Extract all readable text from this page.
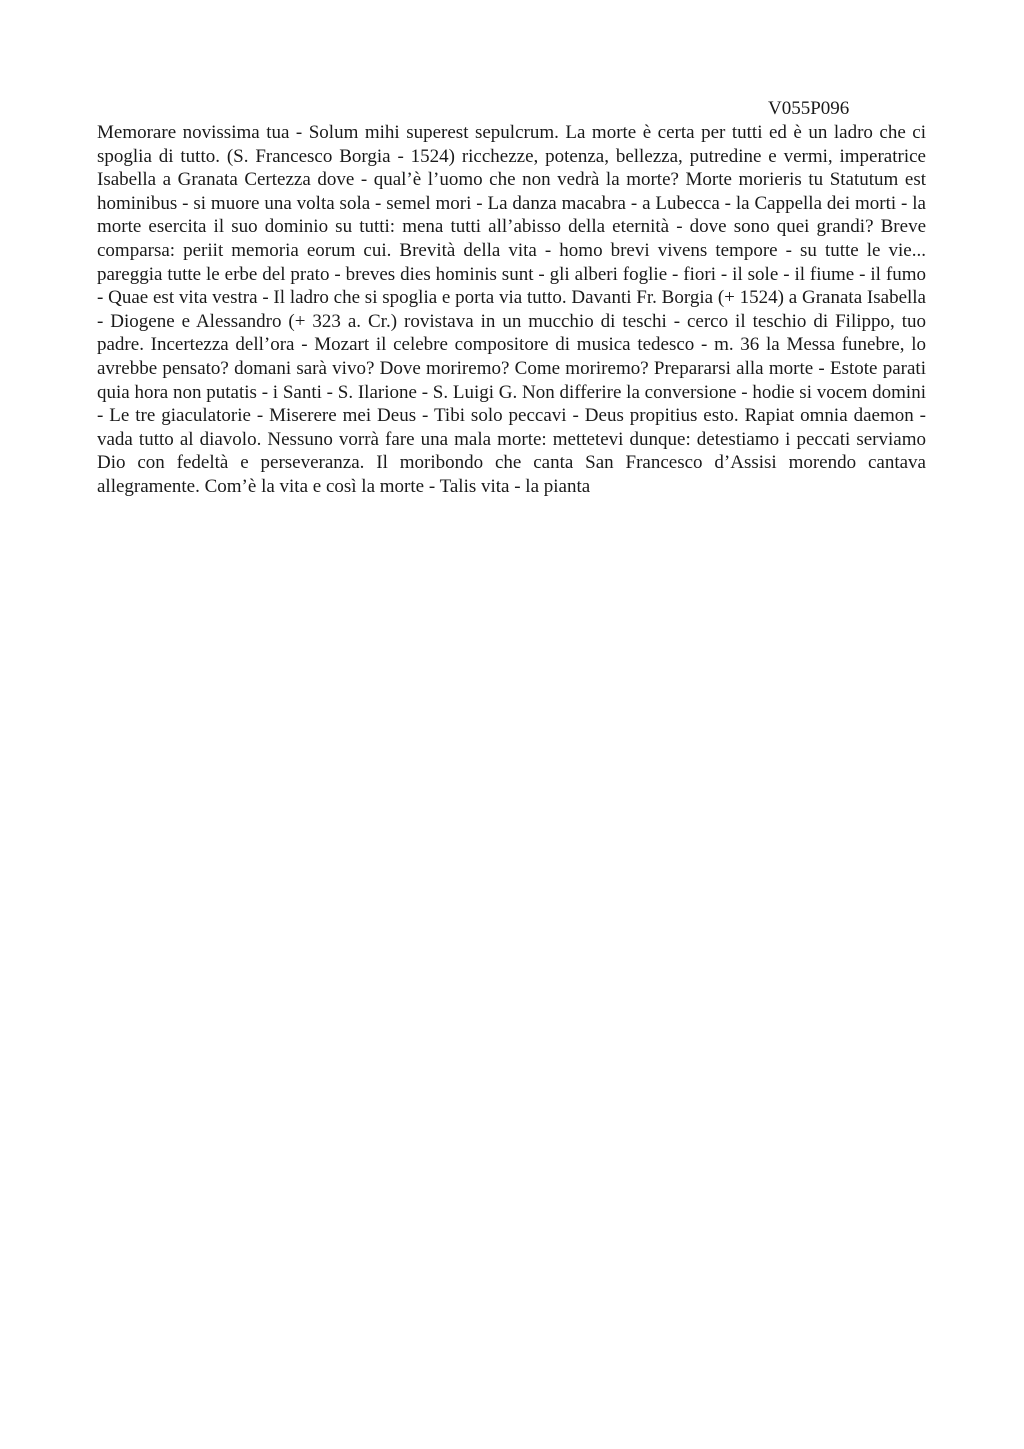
V055P096

Memorare novissima tua - Solum mihi superest sepulcrum. La morte è certa per tutti ed è un ladro che ci spoglia di tutto. (S. Francesco Borgia - 1524) ricchezze, potenza, bellezza, putredine e vermi, imperatrice Isabella a Granata Certezza dove - qual’è l’uomo che non vedrà la morte? Morte morieris tu Statutum est hominibus - si muore una volta sola - semel mori - La danza macabra - a Lubecca - la Cappella dei morti - la morte esercita il suo dominio su tutti: mena tutti all’abisso della eternità - dove sono quei grandi? Breve comparsa: periit memoria eorum cui. Brevità della vita - homo brevi vivens tempore - su tutte le vie... pareggia tutte le erbe del prato - breves dies hominis sunt - gli alberi foglie - fiori - il sole - il fiume - il fumo - Quae est vita vestra - Il ladro che si spoglia e porta via tutto. Davanti Fr. Borgia (+ 1524) a Granata Isabella - Diogene e Alessandro (+ 323 a. Cr.) rovistava in un mucchio di teschi - cerco il teschio di Filippo, tuo padre. Incertezza dell’ora - Mozart il celebre compositore di musica tedesco - m. 36 la Messa funebre, lo avrebbe pensato? domani sarà vivo? Dove moriremo? Come moriremo? Prepararsi alla morte - Estote parati quia hora non putatis - i Santi - S. Ilarione - S. Luigi G. Non differire la conversione - hodie si vocem domini - Le tre giaculatorie - Miserere mei Deus - Tibi solo peccavi - Deus propitius esto. Rapiat omnia daemon - vada tutto al diavolo. Nessuno vorrà fare una mala morte: mettetevi dunque: detestiamo i peccati serviamo Dio con fedeltà e perseveranza. Il moribondo che canta San Francesco d’Assisi morendo cantava allegramente. Com’è la vita e così la morte - Talis vita - la pianta
